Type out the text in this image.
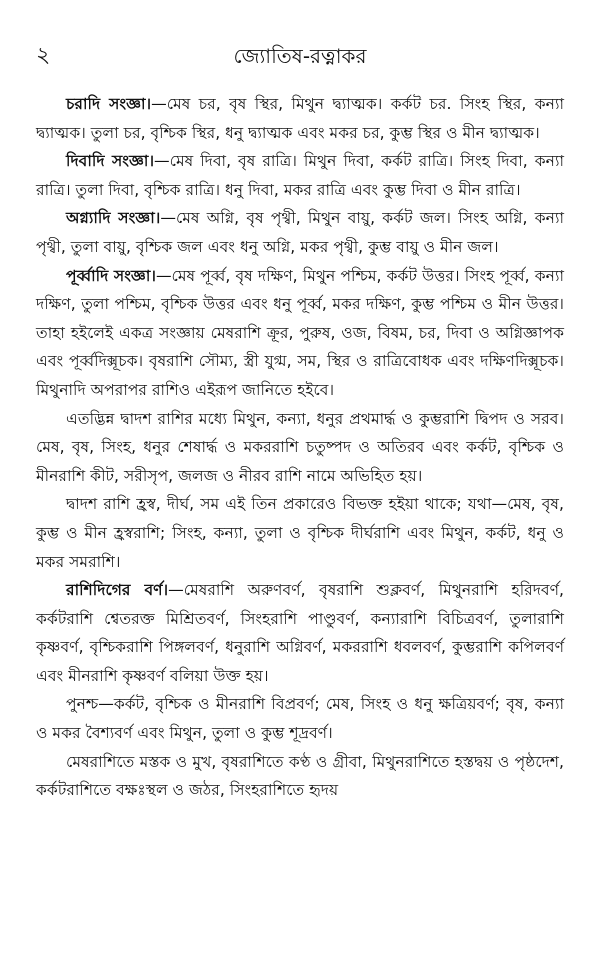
২	জ্যোতিষ-রত্নাকর

চরাদি সংজ্ঞা।—মেষ চর, বৃষ স্থির, মিথুন দ্ব্যাত্মক। কর্কট চর. সিংহ স্থির, কন্যা দ্ব্যাত্মক। তুলা চর, বৃশ্চিক স্থির, ধনু দ্ব্যাত্মক এবং মকর চর, কুম্ভ স্থির ও মীন দ্ব্যাত্মক।

দিবাদি সংজ্ঞা।—মেষ দিবা, বৃষ রাত্রি। মিথুন দিবা, কর্কট রাত্রি। সিংহ দিবা, কন্যা রাত্রি। তুলা দিবা, বৃশ্চিক রাত্রি। ধনু দিবা, মকর রাত্রি এবং কুম্ভ দিবা ও মীন রাত্রি।

অগ্ন্যাদি সংজ্ঞা।—মেষ অগ্নি, বৃষ পৃথ্বী, মিথুন বায়ু, কর্কট জল। সিংহ অগ্নি, কন্যা পৃথ্বী, তুলা বায়ু, বৃশ্চিক জল এবং ধনু অগ্নি, মকর পৃথ্বী, কুম্ভ বায়ু ও মীন জল।

পূর্ব্বাদি সংজ্ঞা।—মেষ পূর্ব্ব, বৃষ দক্ষিণ, মিথুন পশ্চিম, কর্কট উত্তর। সিংহ পূর্ব্ব, কন্যা দক্ষিণ, তুলা পশ্চিম, বৃশ্চিক উত্তর এবং ধনু পূর্ব্ব, মকর দক্ষিণ, কুম্ভ পশ্চিম ও মীন উত্তর। তাহা হইলেই একত্র সংজ্ঞায় মেষরাশি ক্রূর, পুরুষ, ওজ, বিষম, চর, দিবা ও অগ্নিজ্ঞাপক এবং পূর্ব্বদিক্সূচক। বৃষরাশি সৌম্য, স্ত্রী যুগ্ম, সম, স্থির ও রাত্রিবোধক এবং দক্ষিণদিক্সূচক। মিথুনাদি অপরাপর রাশিও এইরূপ জানিতে হইবে।

এতদ্ভিন্ন দ্বাদশ রাশির মধ্যে মিথুন, কন্যা, ধনুর প্রথমার্দ্ধ ও কুম্ভরাশি দ্বিপদ ও সরব। মেষ, বৃষ, সিংহ, ধনুর শেষার্দ্ধ ও মকররাশি চতুষ্পদ ও অতিরব এবং কর্কট, বৃশ্চিক ও মীনরাশি কীট, সরীসৃপ, জলজ ও নীরব রাশি নামে অভিহিত হয়।

দ্বাদশ রাশি হ্রস্ব, দীর্ঘ, সম এই তিন প্রকারেও বিভক্ত হইয়া থাকে; যথা—মেষ, বৃষ, কুম্ভ ও মীন হ্রস্বরাশি; সিংহ, কন্যা, তুলা ও বৃশ্চিক দীর্ঘরাশি এবং মিথুন, কর্কট, ধনু ও মকর সমরাশি।

রাশিদিগের বর্ণ।—মেষরাশি অরুণবর্ণ, বৃষরাশি শুক্লবর্ণ, মিথুনরাশি হরিদবর্ণ, কর্কটরাশি শ্বেতরক্ত মিশ্রিতবর্ণ, সিংহরাশি পাণ্ডুবর্ণ, কন্যারাশি বিচিত্রবর্ণ, তুলারাশি কৃষ্ণবর্ণ, বৃশ্চিকরাশি পিঙ্গলবর্ণ, ধনুরাশি অগ্নিবর্ণ, মকররাশি ধবলবর্ণ, কুম্ভরাশি কপিলবর্ণ এবং মীনরাশি কৃষ্ণবর্ণ বলিয়া উক্ত হয়।

পুনশ্চ—কর্কট, বৃশ্চিক ও মীনরাশি বিপ্রবর্ণ; মেষ, সিংহ ও ধনু ক্ষত্রিয়বর্ণ; বৃষ, কন্যা ও মকর বৈশ্যবর্ণ এবং মিথুন, তুলা ও কুম্ভ শূদ্রবর্ণ।

মেষরাশিতে মস্তক ও মুখ, বৃষরাশিতে কণ্ঠ ও গ্রীবা, মিথুনরাশিতে হস্তদ্বয় ও পৃষ্ঠদেশ, কর্কটরাশিতে বক্ষঃস্থল ও জঠর, সিংহরাশিতে হৃদয়
